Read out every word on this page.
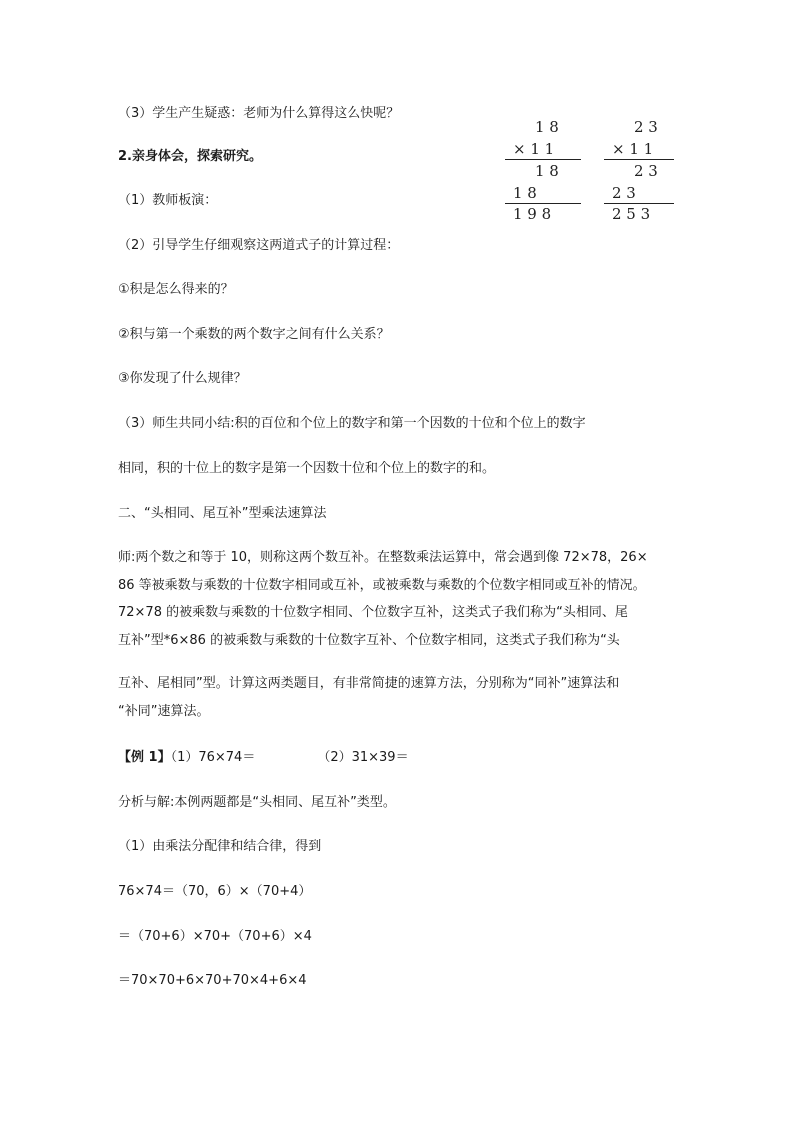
（3）学生产生疑惑：老师为什么算得这么快呢？
2.亲身体会，探索研究。
（1）教师板演：
（2）引导学生仔细观察这两道式子的计算过程：
①积是怎么得来的？
②积与第一个乘数的两个数字之间有什么关系？
③你发现了什么规律？
（3）师生共同小结:积的百位和个位上的数字和第一个因数的十位和个位上的数字
相同，积的十位上的数字是第一个因数十位和个位上的数字的和。
二、“头相同、尾互补”型乘法速算法
师:两个数之和等于 10，则称这两个数互补。在整数乘法运算中，常会遇到像 72×78，26×
86 等被乘数与乘数的十位数字相同或互补，或被乘数与乘数的个位数字相同或互补的情况。
72×78 的被乘数与乘数的十位数字相同、个位数字互补，这类式子我们称为“头相同、尾
互补”型*6×86 的被乘数与乘数的十位数字互补、个位数字相同，这类式子我们称为“头
互补、尾相同”型。计算这两类题目，有非常简捷的速算方法，分别称为“同补”速算法和
“补同”速算法。
【例 1】（1）76×74＝	（2）31×39＝
分析与解:本例两题都是“头相同、尾互补”类型。
（1）由乘法分配律和结合律，得到
76×74＝（70，6）×（70+4）
＝（70+6）×70+（70+6）×4
＝70×70+6×70+70×4+6×4
1 8
× 1 1
1 8
1 8
1 9 8
2 3
× 1 1
2 3
2 3
2 5 3
